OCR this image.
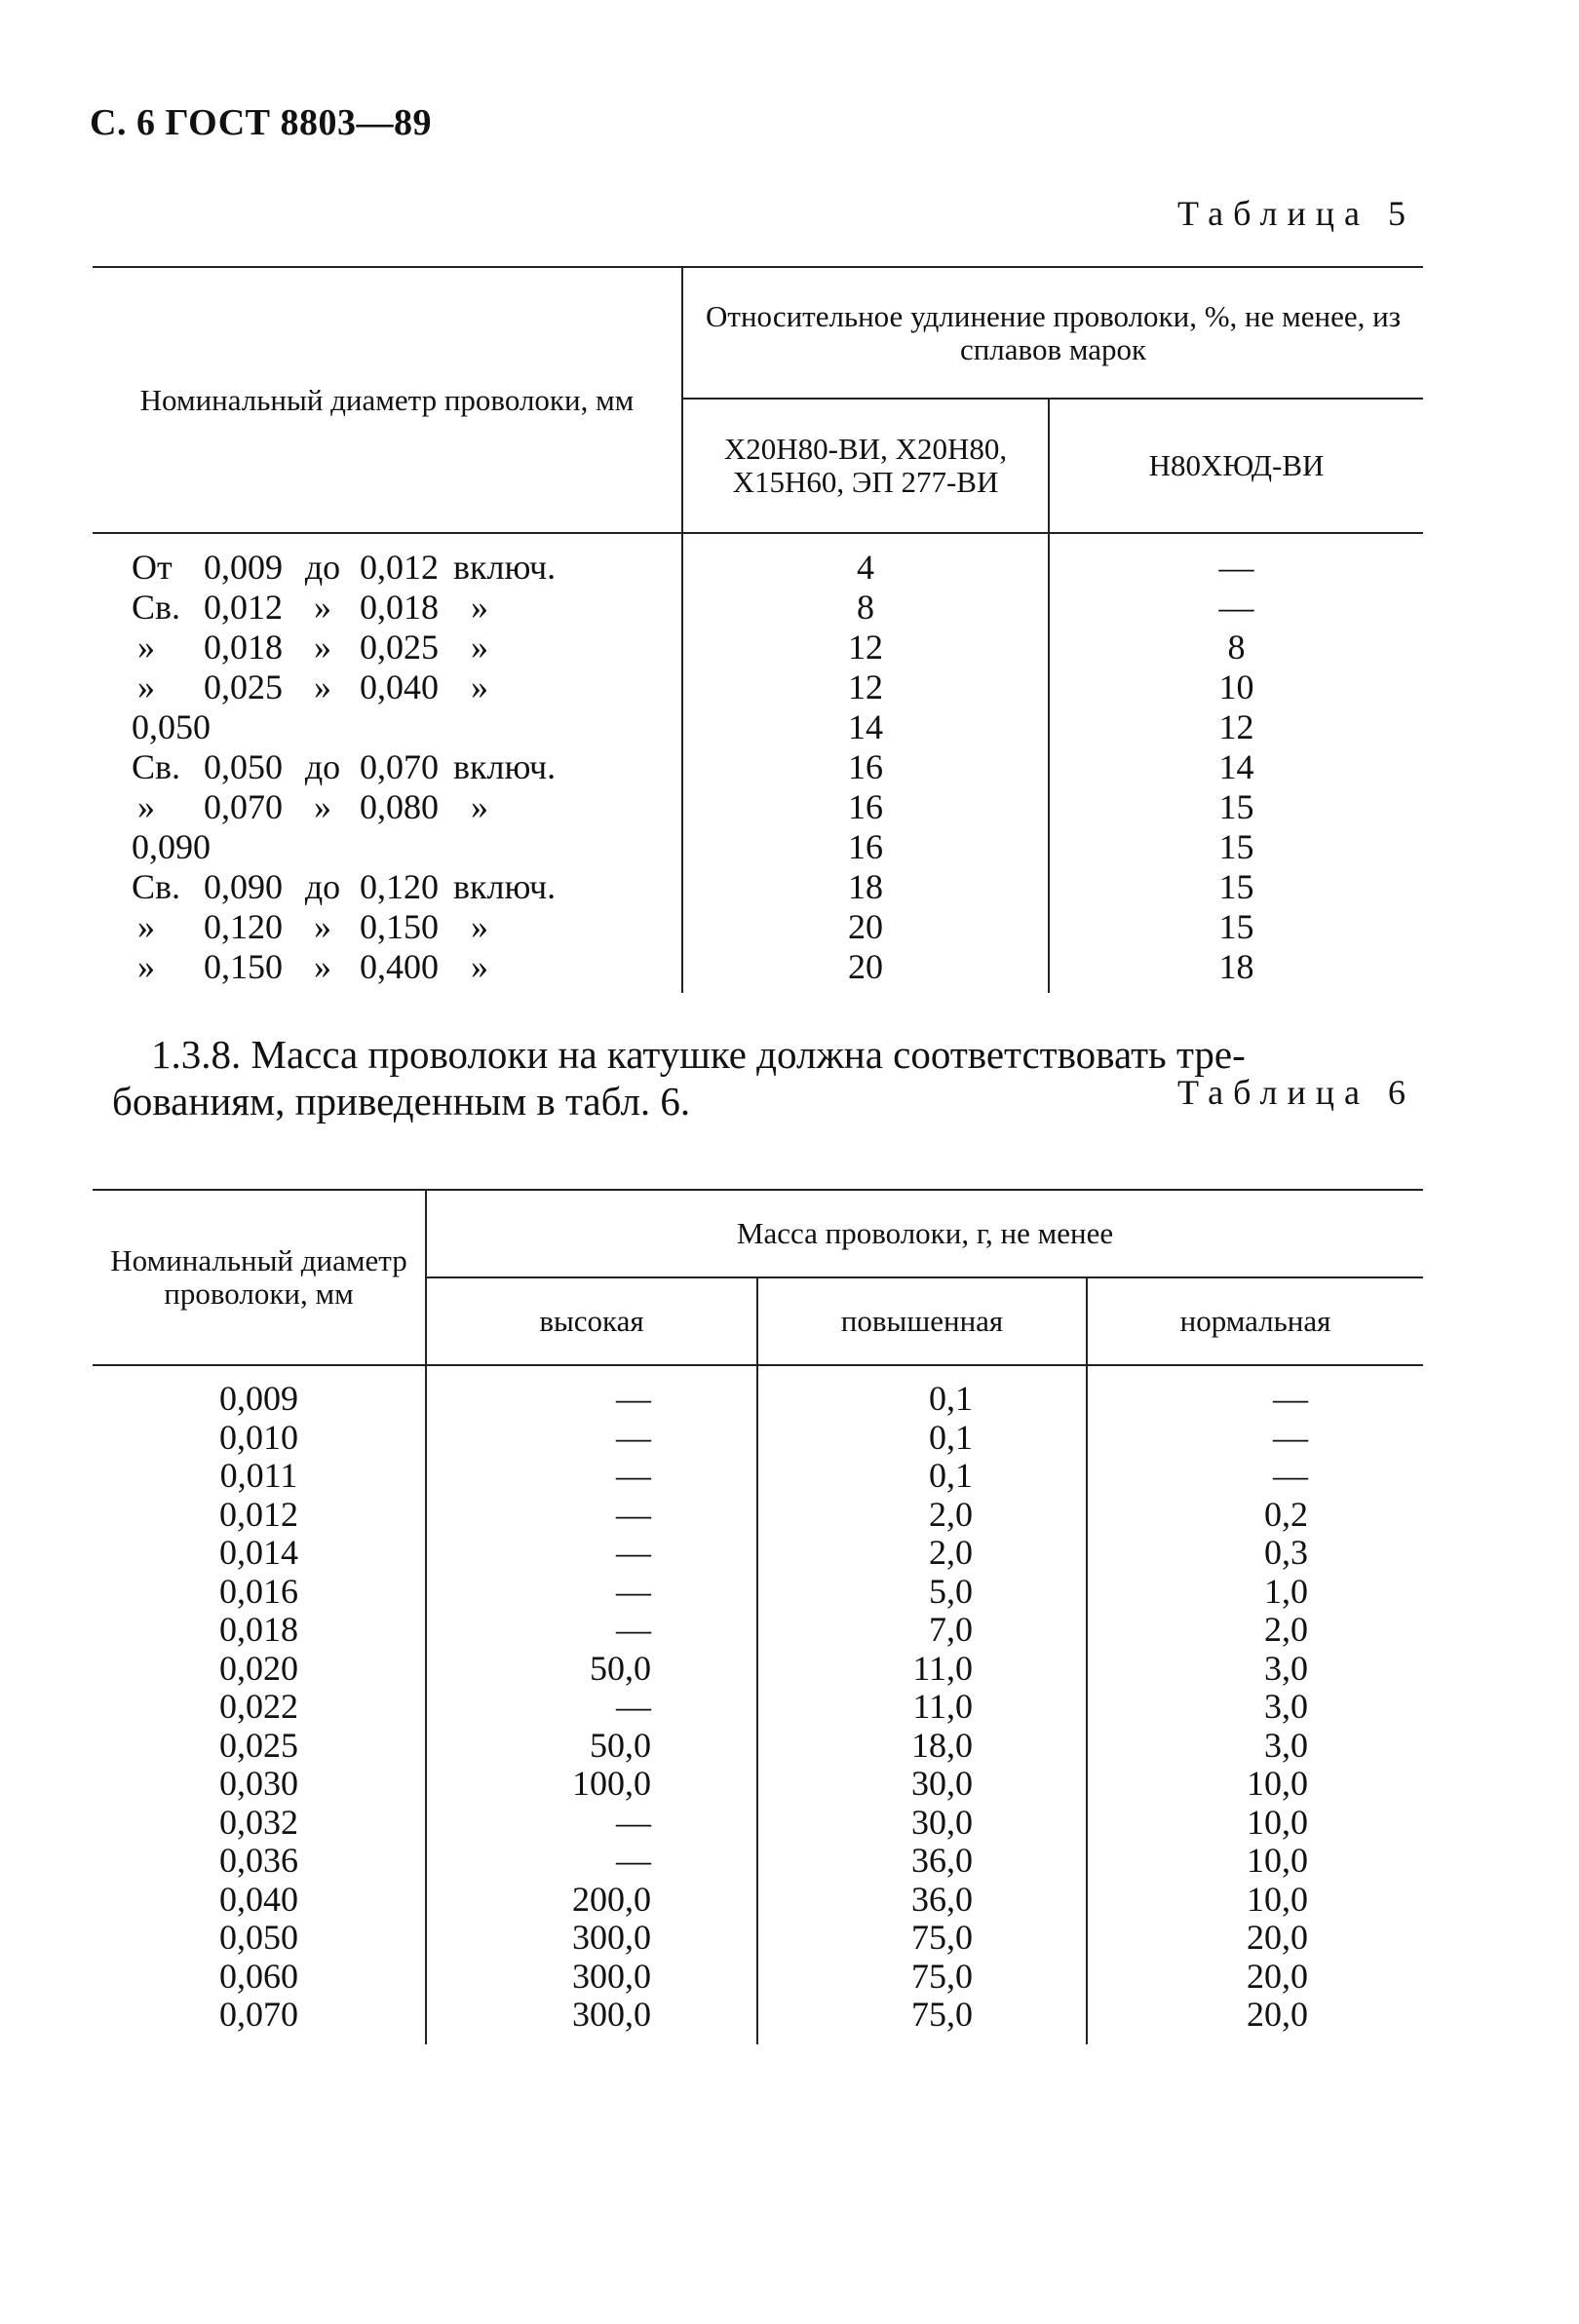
С. 6 ГОСТ 8803—89
Таблица 5
Номинальный диаметр проволоки, мм	Относительное удлинение проволоки, %, не менее, из сплавов марок	
	Х20Н80-ВИ, Х20Н80, Х15Н60, ЭП 277-ВИ	Н80ХЮД-ВИ
От 0,009 до 0,012 включ.	4	—
Св. 0,012 » 0,018 »	8	—
» 0,018 » 0,025 »	12	8
» 0,025 » 0,040 »	12	10
0,050	14	12
Св. 0,050 до 0,070 включ.	16	14
» 0,070 » 0,080 »	16	15
0,090	16	15
Св. 0,090 до 0,120 включ.	18	15
» 0,120 » 0,150 »	20	15
» 0,150 » 0,400 »	20	18

1.3.8. Масса проволоки на катушке должна соответствовать тре-
бованиям, приведенным в табл. 6.	Таблица 6
Номинальный диаметр проволоки, мм	Масса проволоки, г, не менее		
	высокая	повышенная	нормальная
0,009	—	0,1	—
0,010	—	0,1	—
0,011	—	0,1	—
0,012	—	2,0	0,2
0,014	—	2,0	0,3
0,016	—	5,0	1,0
0,018	—	7,0	2,0
0,020	50,0	11,0	3,0
0,022	—	11,0	3,0
0,025	50,0	18,0	3,0
0,030	100,0	30,0	10,0
0,032	—	30,0	10,0
0,036	—	36,0	10,0
0,040	200,0	36,0	10,0
0,050	300,0	75,0	20,0
0,060	300,0	75,0	20,0
0,070	300,0	75,0	20,0
